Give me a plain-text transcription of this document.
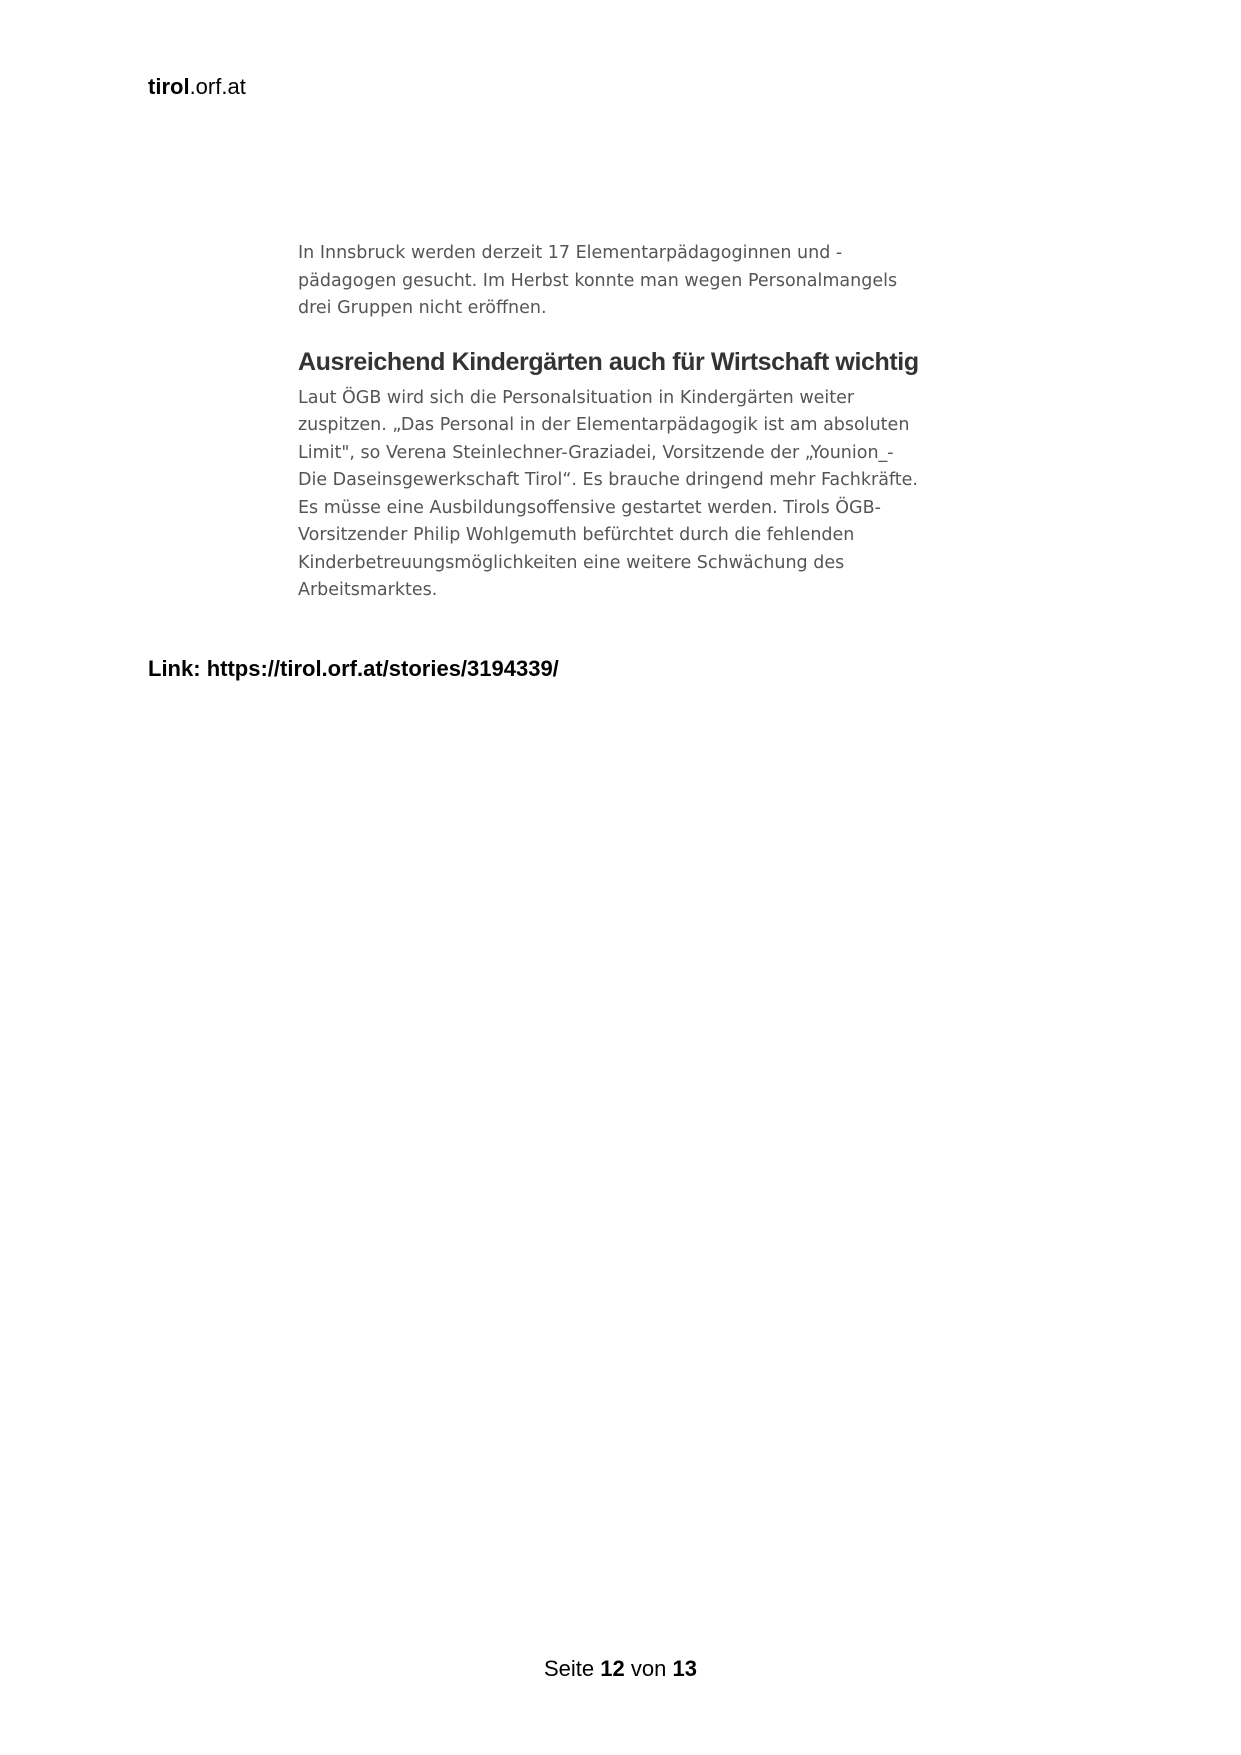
tirol.orf.at

In Innsbruck werden derzeit 17 Elementarpädagoginnen und -
pädagogen gesucht. Im Herbst konnte man wegen Personalmangels
drei Gruppen nicht eröffnen.

Ausreichend Kindergärten auch für Wirtschaft wichtig

Laut ÖGB wird sich die Personalsituation in Kindergärten weiter
zuspitzen. „Das Personal in der Elementarpädagogik ist am absoluten
Limit", so Verena Steinlechner-Graziadei, Vorsitzende der „Younion_-
Die Daseinsgewerkschaft Tirol“. Es brauche dringend mehr Fachkräfte.
Es müsse eine Ausbildungsoffensive gestartet werden. Tirols ÖGB-
Vorsitzender Philip Wohlgemuth befürchtet durch die fehlenden
Kinderbetreuungsmöglichkeiten eine weitere Schwächung des
Arbeitsmarktes.

Link: https://tirol.orf.at/stories/3194339/
Seite 12 von 13
